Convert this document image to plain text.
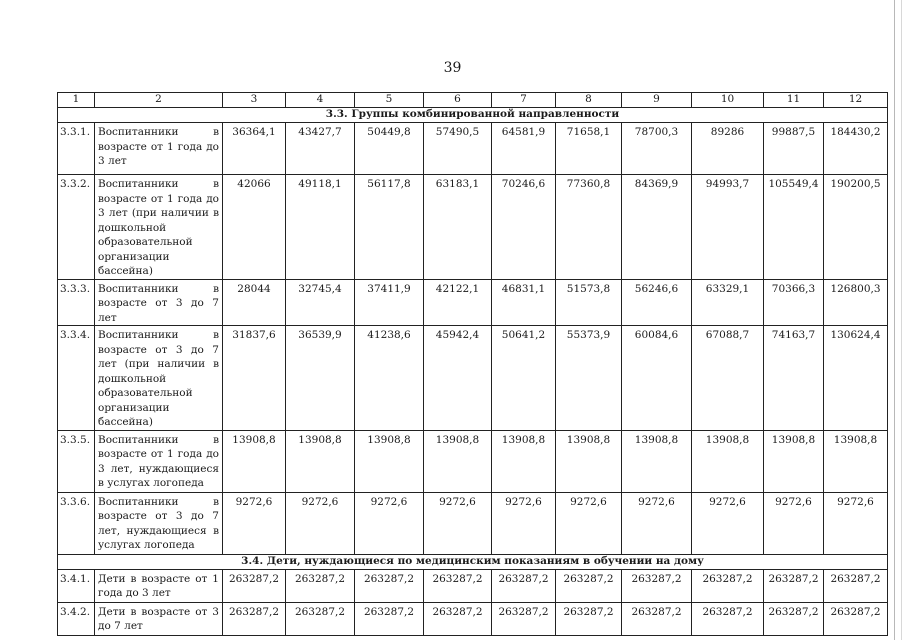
39
1	2	3	4	5	6	7	8	9	10	11	12
3.3. Группы комбинированной направленности											
3.3.1.	Воспитанники в возрасте от 1 года до 3 лет	36364,1	43427,7	50449,8	57490,5	64581,9	71658,1	78700,3	89286	99887,5	184430,2
3.3.2.	Воспитанники в возрасте от 1 года до 3 лет (при наличии в дошкольной образовательной организации бассейна)	42066	49118,1	56117,8	63183,1	70246,6	77360,8	84369,9	94993,7	105549,4	190200,5
3.3.3.	Воспитанники в возрасте от 3 до 7 лет	28044	32745,4	37411,9	42122,1	46831,1	51573,8	56246,6	63329,1	70366,3	126800,3
3.3.4.	Воспитанники в возрасте от 3 до 7 лет (при наличии в дошкольной образовательной организации бассейна)	31837,6	36539,9	41238,6	45942,4	50641,2	55373,9	60084,6	67088,7	74163,7	130624,4
3.3.5.	Воспитанники в возрасте от 1 года до 3 лет, нуждающиеся в услугах логопеда	13908,8	13908,8	13908,8	13908,8	13908,8	13908,8	13908,8	13908,8	13908,8	13908,8
3.3.6.	Воспитанники в возрасте от 3 до 7 лет, нуждающиеся в услугах логопеда	9272,6	9272,6	9272,6	9272,6	9272,6	9272,6	9272,6	9272,6	9272,6	9272,6
3.4. Дети, нуждающиеся по медицинским показаниям в обучении на дому											
3.4.1.	Дети в возрасте от 1 года до 3 лет	263287,2	263287,2	263287,2	263287,2	263287,2	263287,2	263287,2	263287,2	263287,2	263287,2
3.4.2.	Дети в возрасте от 3 до 7 лет	263287,2	263287,2	263287,2	263287,2	263287,2	263287,2	263287,2	263287,2	263287,2	263287,2
